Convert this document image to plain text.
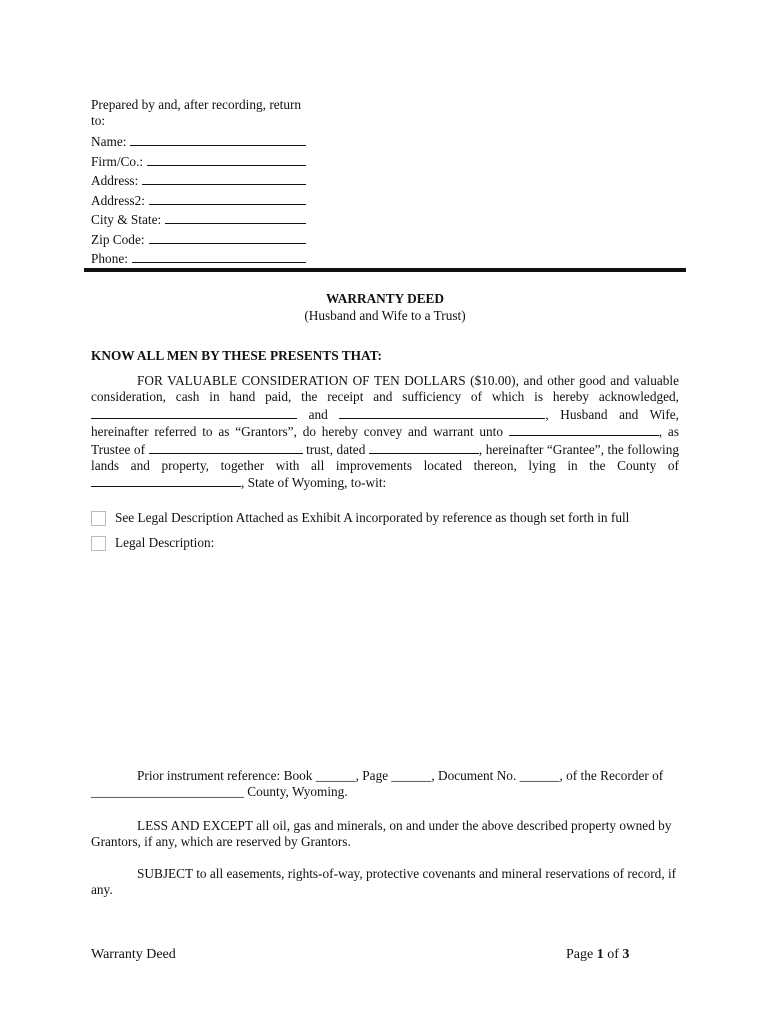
Prepared by and, after recording, return to:
Name:
Firm/Co.:
Address:
Address2:
City & State:
Zip Code:
Phone:
WARRANTY DEED
(Husband and Wife to a Trust)
KNOW ALL MEN BY THESE PRESENTS THAT:
FOR VALUABLE CONSIDERATION OF TEN DOLLARS ($10.00), and other good and valuable consideration, cash in hand paid, the receipt and sufficiency of which is hereby acknowledged,  and	, Husband and Wife, hereinafter referred to as “Grantors”, do hereby convey and warrant unto	, as Trustee of	trust, dated	, hereinafter “Grantee”, the following lands and property, together with all improvements located thereon, lying in the County of , State of Wyoming, to-wit:
See Legal Description Attached as Exhibit A incorporated by reference as though set forth in full
Legal Description:
Prior instrument reference: Book ______, Page ______, Document No. ______, of the Recorder of
_______________________ County, Wyoming.
LESS AND EXCEPT all oil, gas and minerals, on and under the above described property owned by Grantors, if any, which are reserved by Grantors.
SUBJECT to all easements, rights-of-way, protective covenants and mineral reservations of record, if any.
Warranty Deed	Page 1 of 3
